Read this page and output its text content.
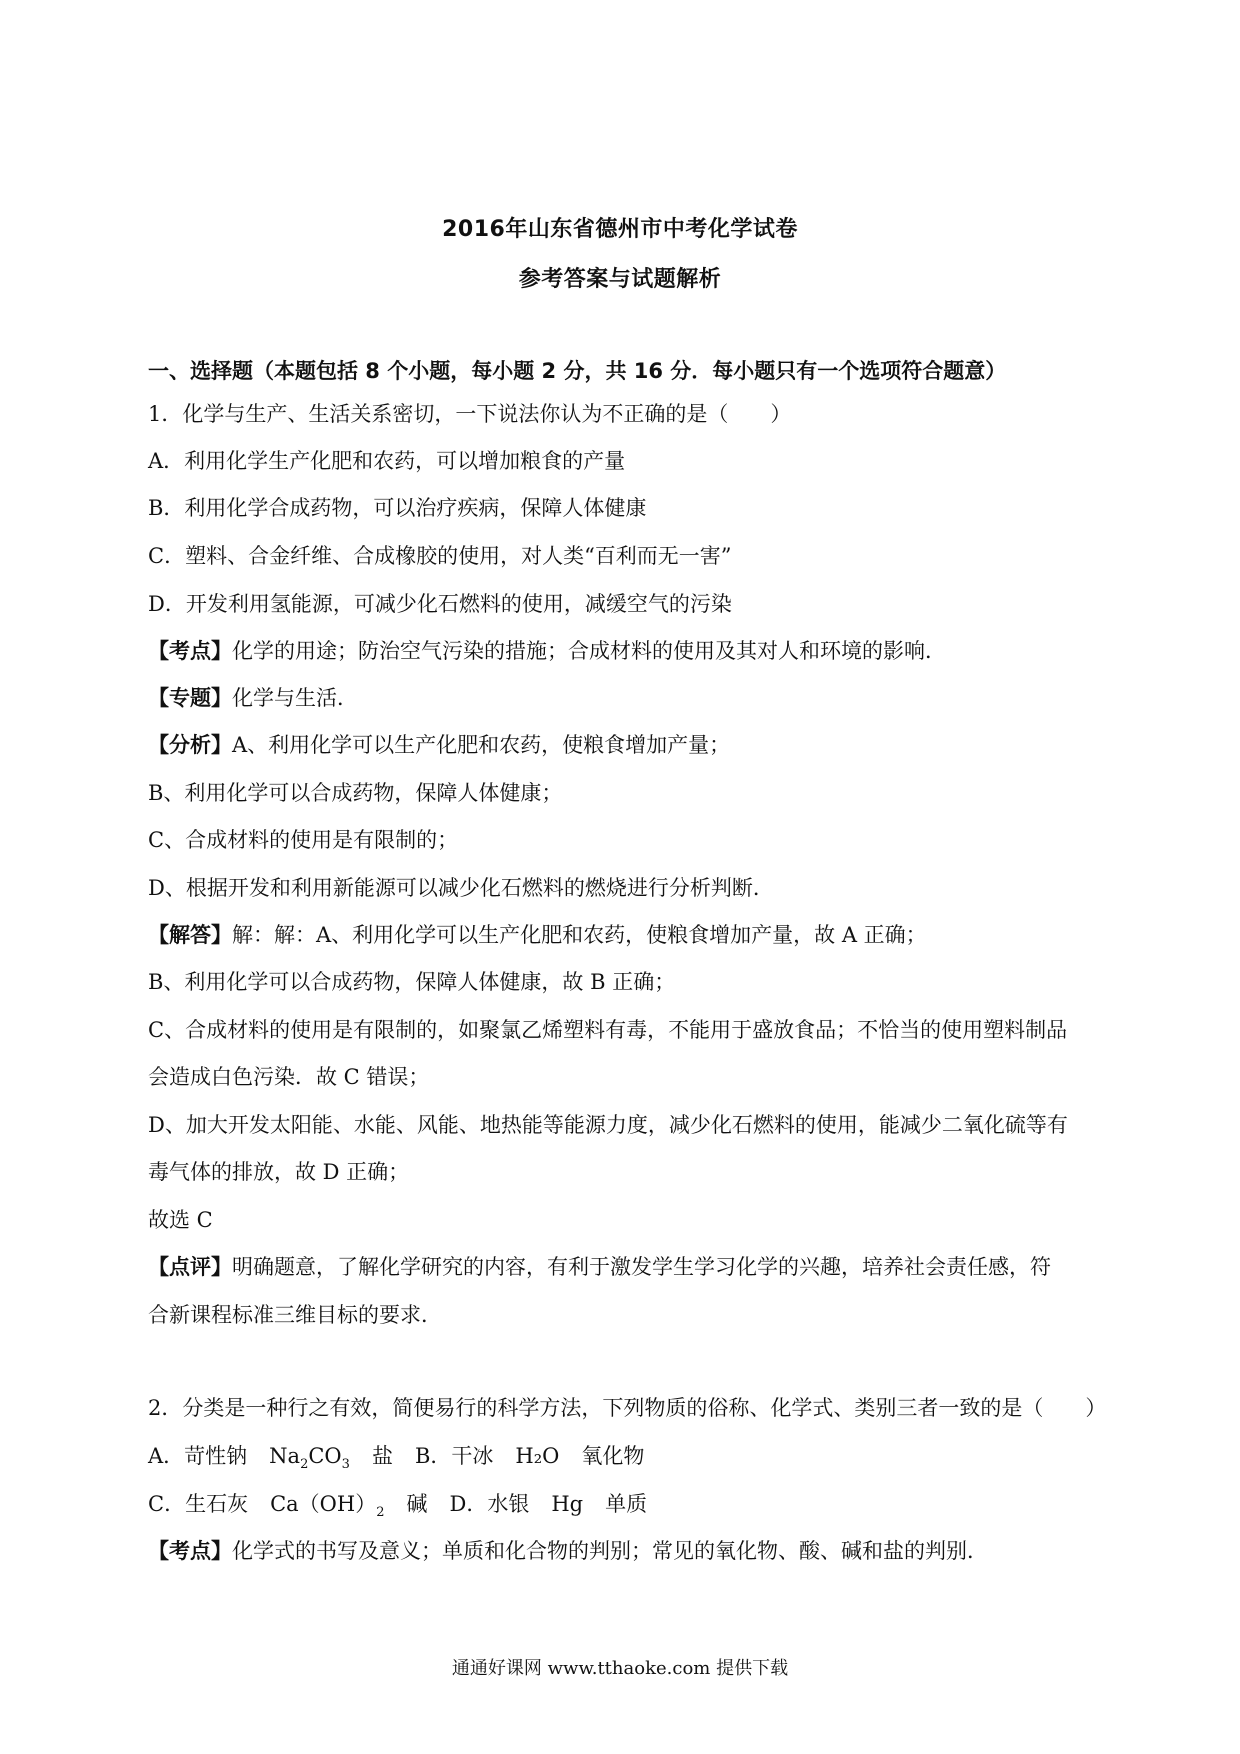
2016年山东省德州市中考化学试卷
参考答案与试题解析
一、选择题（本题包括 8 个小题，每小题 2 分，共 16 分．每小题只有一个选项符合题意）
1．化学与生产、生活关系密切，一下说法你认为不正确的是（　　）
A．利用化学生产化肥和农药，可以增加粮食的产量
B．利用化学合成药物，可以治疗疾病，保障人体健康
C．塑料、合金纤维、合成橡胶的使用，对人类“百利而无一害”
D．开发利用氢能源，可减少化石燃料的使用，减缓空气的污染
【考点】化学的用途；防治空气污染的措施；合成材料的使用及其对人和环境的影响．
【专题】化学与生活．
【分析】A、利用化学可以生产化肥和农药，使粮食增加产量；
B、利用化学可以合成药物，保障人体健康；
C、合成材料的使用是有限制的；
D、根据开发和利用新能源可以减少化石燃料的燃烧进行分析判断．
【解答】解：解：A、利用化学可以生产化肥和农药，使粮食增加产量，故 A 正确；
B、利用化学可以合成药物，保障人体健康，故 B 正确；
C、合成材料的使用是有限制的，如聚氯乙烯塑料有毒，不能用于盛放食品；不恰当的使用塑料制品
会造成白色污染．故 C 错误；
D、加大开发太阳能、水能、风能、地热能等能源力度，减少化石燃料的使用，能减少二氧化硫等有
毒气体的排放，故 D 正确；
故选 C
【点评】明确题意，了解化学研究的内容，有利于激发学生学习化学的兴趣，培养社会责任感，符
合新课程标准三维目标的要求．
2．分类是一种行之有效，简便易行的科学方法，下列物质的俗称、化学式、类别三者一致的是（　　）
A．苛性钠 $Na_2CO_3$ 盐 B．干冰 H₂O 氧化物
C．生石灰 $Ca(OH)_2$ 碱 D．水银 Hg 单质
【考点】化学式的书写及意义；单质和化合物的判别；常见的氧化物、酸、碱和盐的判别．
通通好课网 www.tthaoke.com 提供下载
